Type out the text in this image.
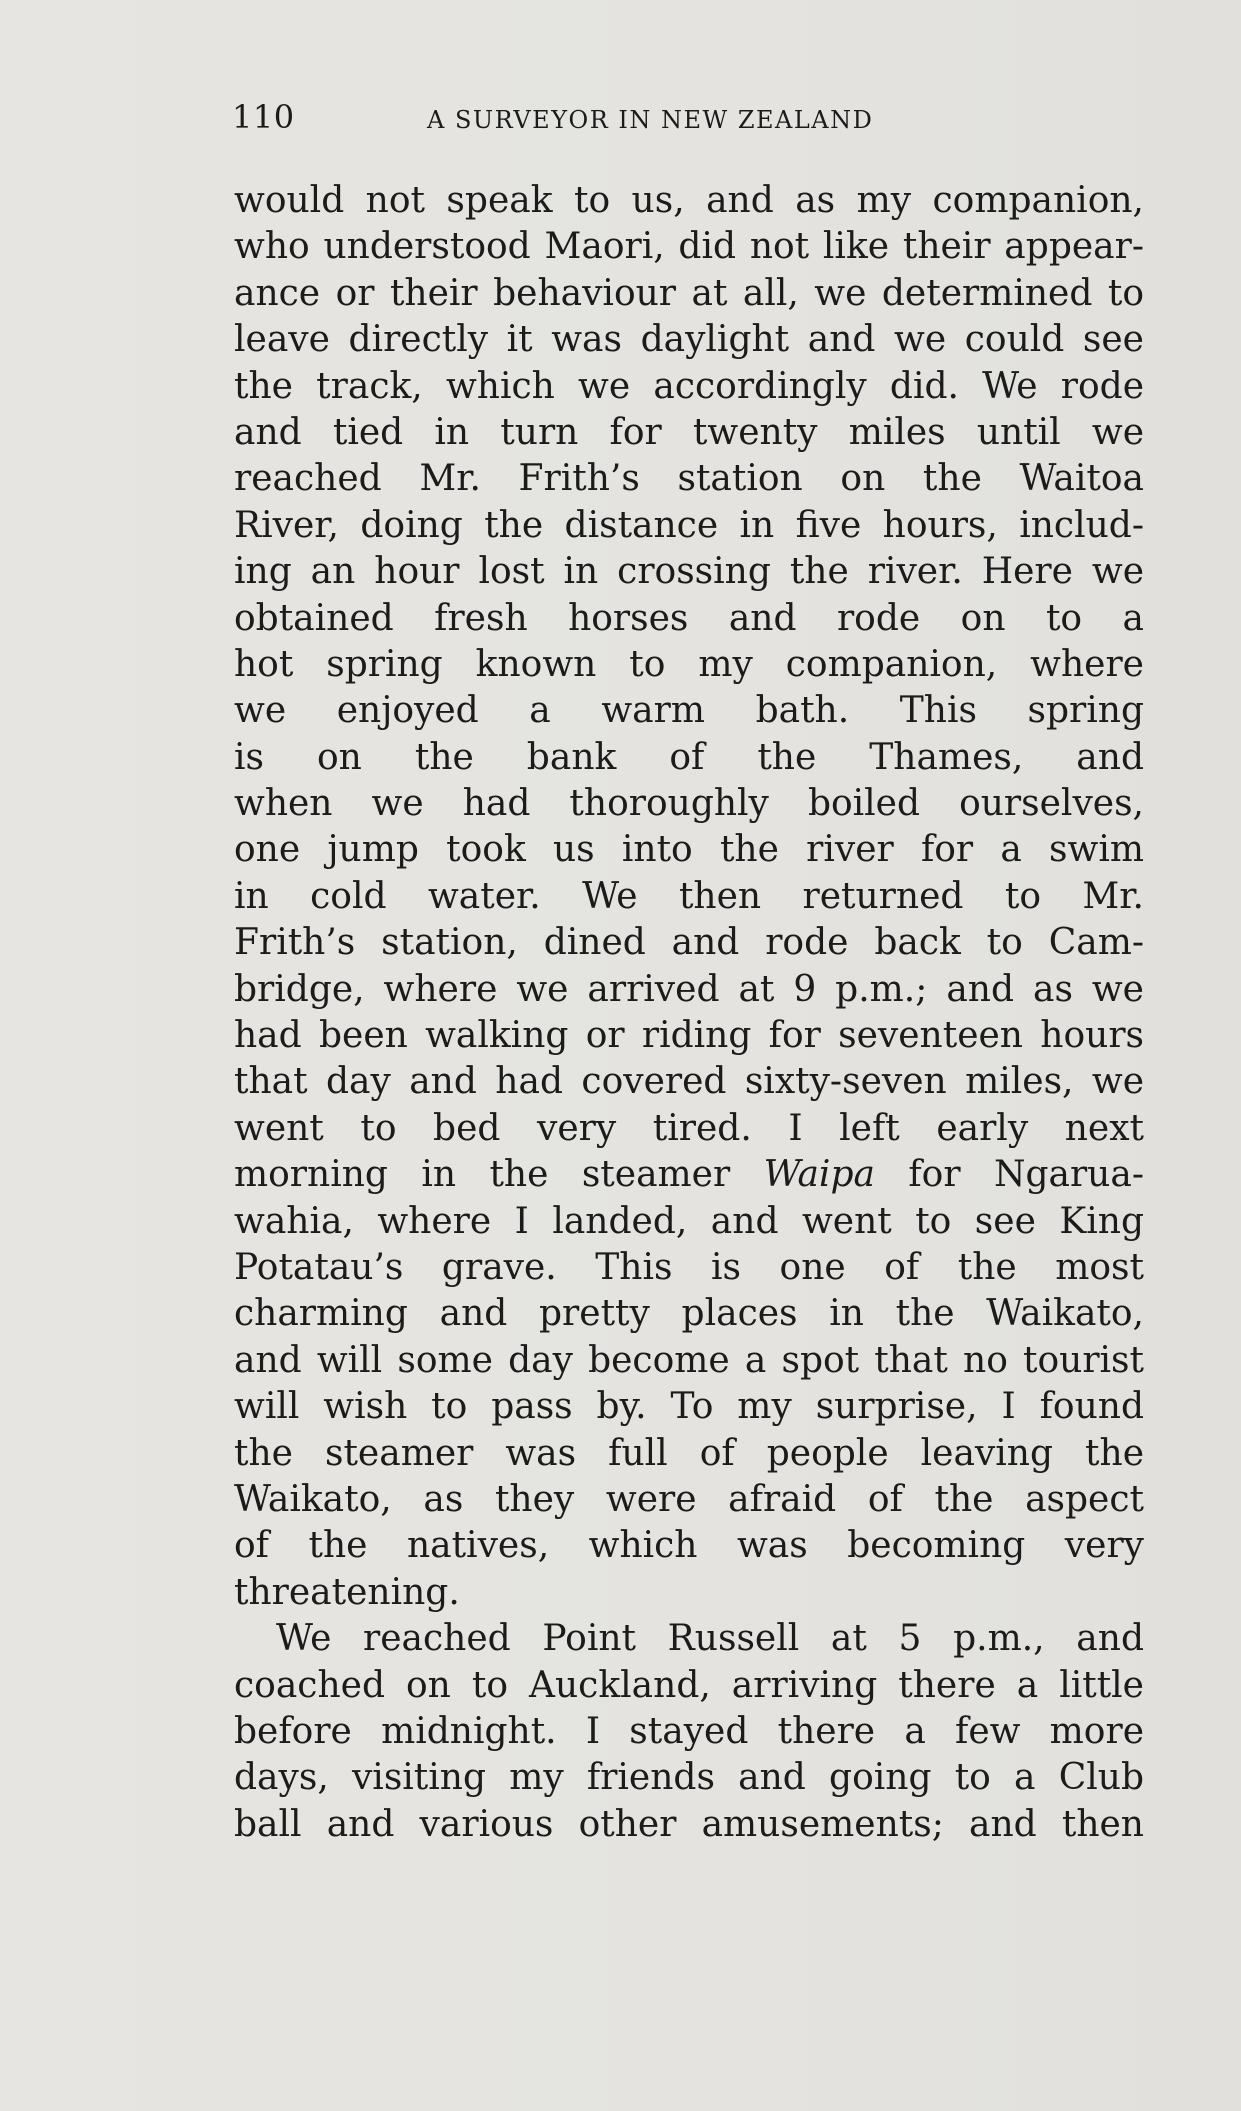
110	A SURVEYOR IN NEW ZEALAND
would not speak to us, and as my companion,
who understood Maori, did not like their appear-
ance or their behaviour at all, we determined to
leave directly it was daylight and we could see
the track, which we accordingly did. We rode
and tied in turn for twenty miles until we
reached Mr. Frith’s station on the Waitoa
River, doing the distance in five hours, includ-
ing an hour lost in crossing the river. Here we
obtained fresh horses and rode on to a
hot spring known to my companion, where
we enjoyed a warm bath. This spring
is on the bank of the Thames, and
when we had thoroughly boiled ourselves,
one jump took us into the river for a swim
in cold water. We then returned to Mr.
Frith’s station, dined and rode back to Cam-
bridge, where we arrived at 9 p.m.; and as we
had been walking or riding for seventeen hours
that day and had covered sixty-seven miles, we
went to bed very tired. I left early next
morning in the steamer Waipa for Ngarua-
wahia, where I landed, and went to see King
Potatau’s grave. This is one of the most
charming and pretty places in the Waikato,
and will some day become a spot that no tourist
will wish to pass by. To my surprise, I found
the steamer was full of people leaving the
Waikato, as they were afraid of the aspect
of the natives, which was becoming very
threatening.
We reached Point Russell at 5 p.m., and
coached on to Auckland, arriving there a little
before midnight. I stayed there a few more
days, visiting my friends and going to a Club
ball and various other amusements; and then
